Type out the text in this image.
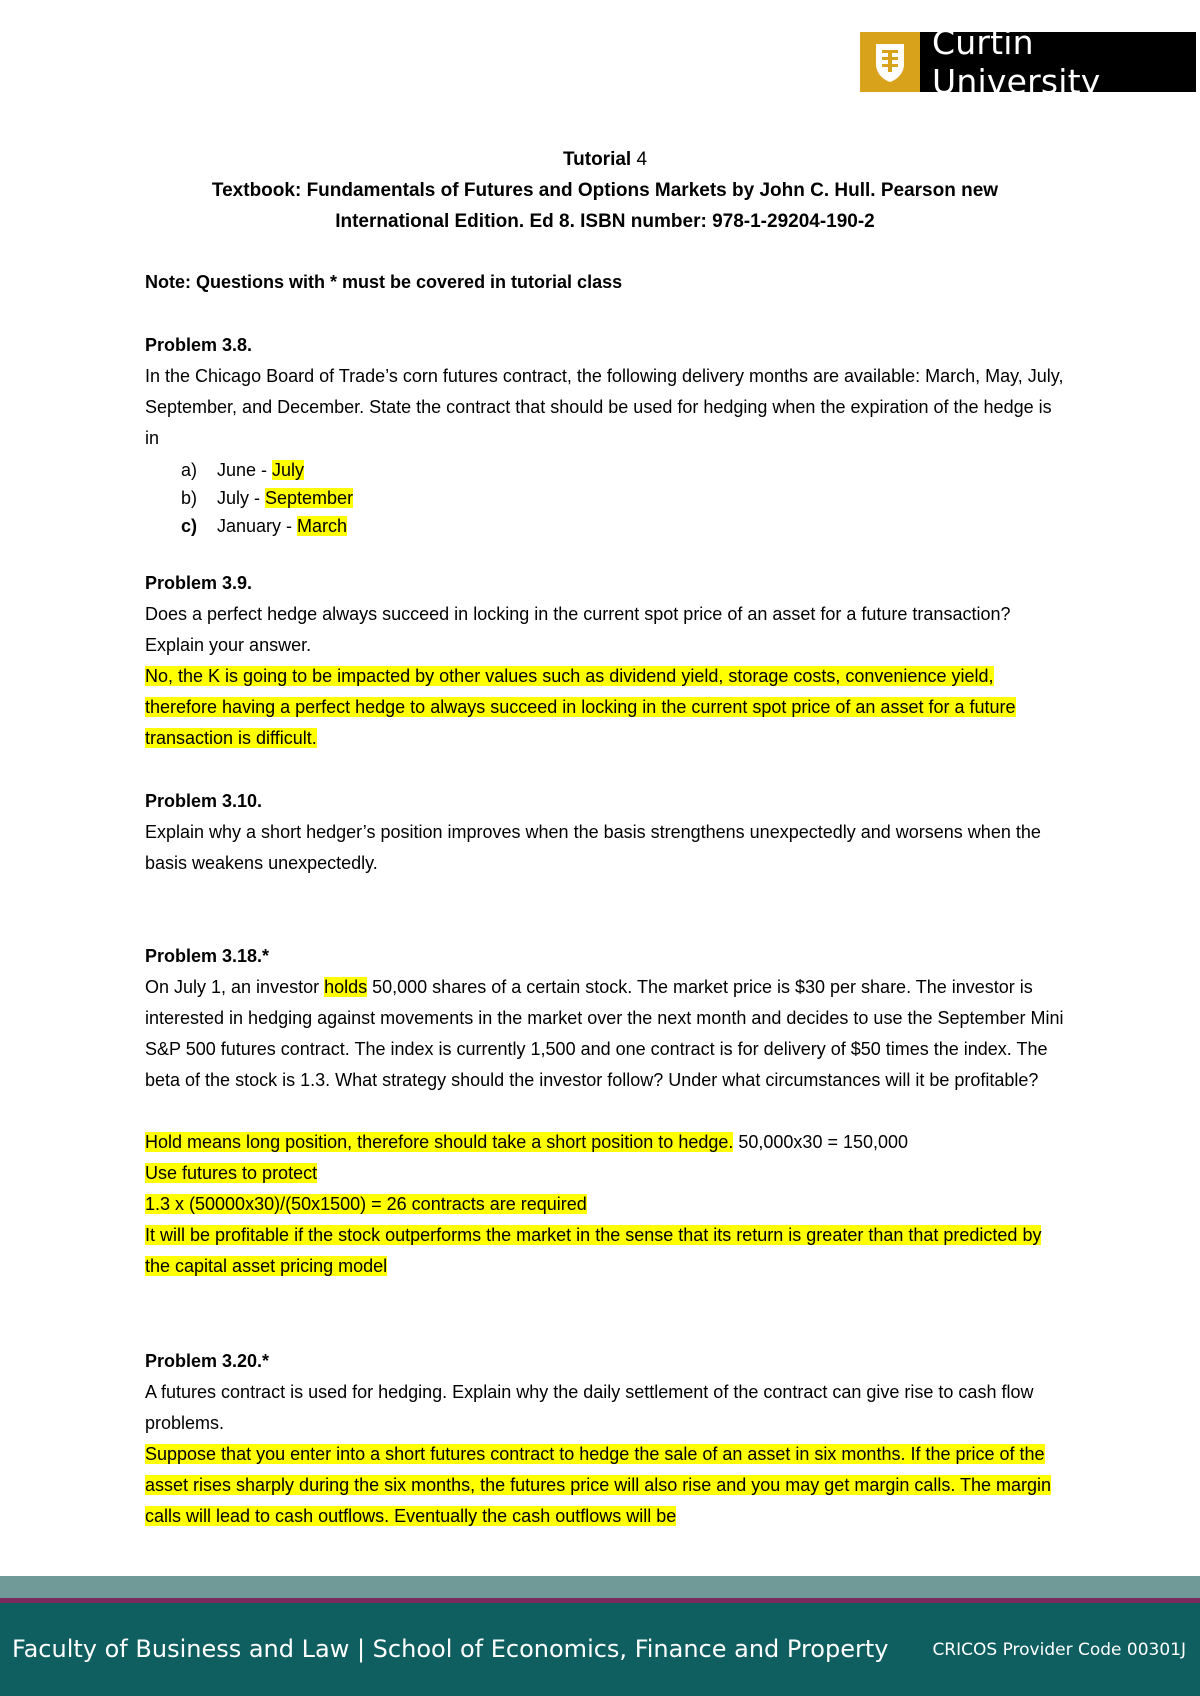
Curtin University
Tutorial 4
Textbook: Fundamentals of Futures and Options Markets by John C. Hull. Pearson new
International Edition. Ed 8. ISBN number: 978-1-29204-190-2
Note: Questions with * must be covered in tutorial class
Problem 3.8.
In the Chicago Board of Trade’s corn futures contract, the following delivery months are available: March, May, July, September, and December. State the contract that should be used for hedging when the expiration of the hedge is in
a) June - July
b) July - September
c) January - March
Problem 3.9.
Does a perfect hedge always succeed in locking in the current spot price of an asset for a future transaction? Explain your answer.
No, the K is going to be impacted by other values such as dividend yield, storage costs, convenience yield, therefore having a perfect hedge to always succeed in locking in the current spot price of an asset for a future transaction is difficult.
Problem 3.10.
Explain why a short hedger’s position improves when the basis strengthens unexpectedly and worsens when the basis weakens unexpectedly.
Problem 3.18.*
On July 1, an investor holds 50,000 shares of a certain stock. The market price is $30 per share. The investor is interested in hedging against movements in the market over the next month and decides to use the September Mini S&P 500 futures contract. The index is currently 1,500 and one contract is for delivery of $50 times the index. The beta of the stock is 1.3. What strategy should the investor follow? Under what circumstances will it be profitable?
Hold means long position, therefore should take a short position to hedge. 50,000x30 = 150,000
Use futures to protect
1.3 x (50000x30)/(50x1500) = 26 contracts are required
It will be profitable if the stock outperforms the market in the sense that its return is greater than that predicted by the capital asset pricing model
Problem 3.20.*
A futures contract is used for hedging. Explain why the daily settlement of the contract can give rise to cash flow problems.
Suppose that you enter into a short futures contract to hedge the sale of an asset in six months. If the price of the asset rises sharply during the six months, the futures price will also rise and you may get margin calls. The margin calls will lead to cash outflows. Eventually the cash outflows will be
Faculty of Business and Law | School of Economics, Finance and Property	CRICOS Provider Code 00301J
